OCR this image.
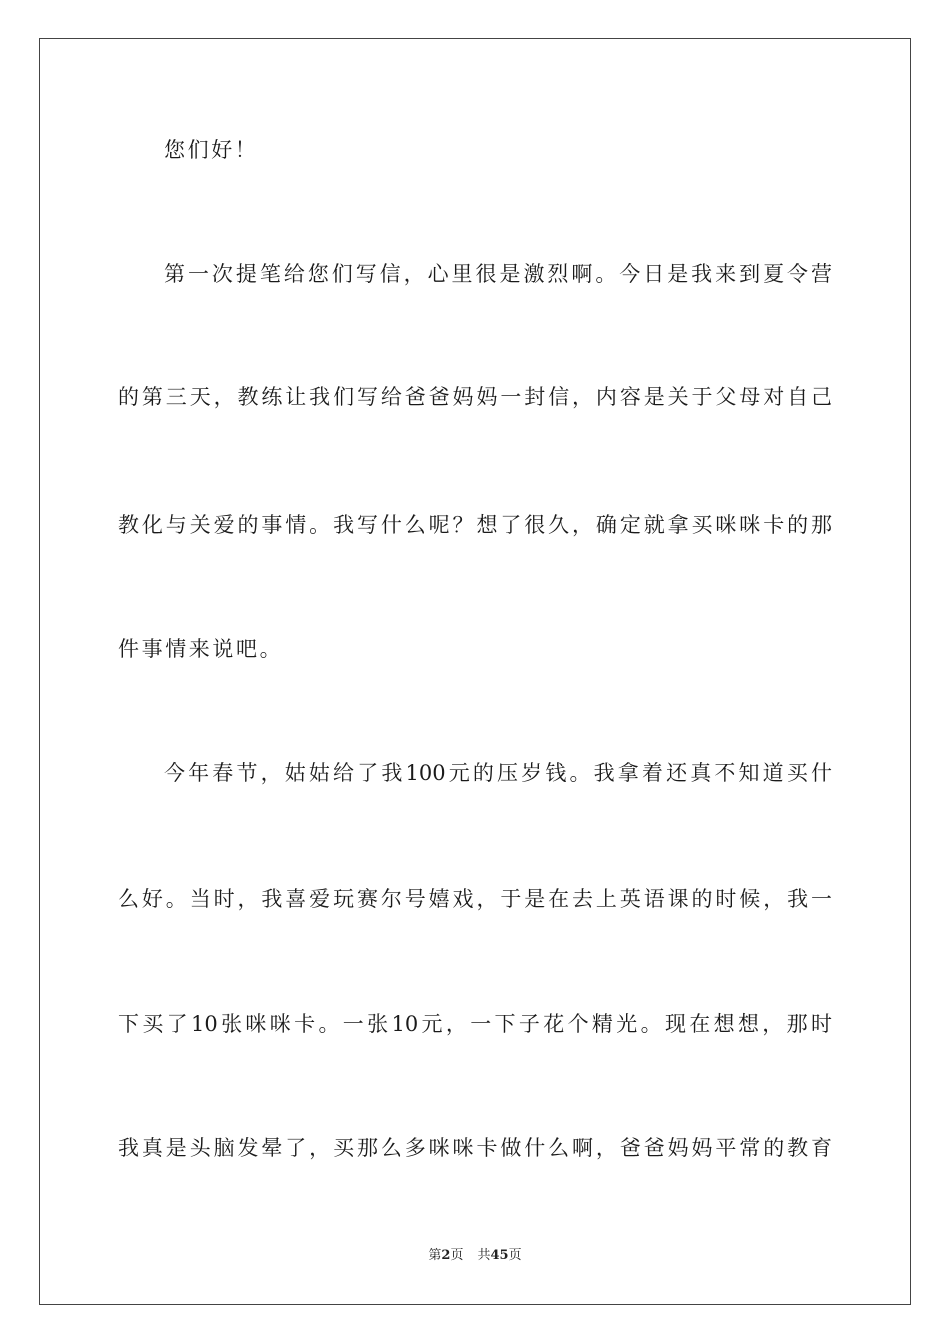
您们好！
第一次提笔给您们写信，心里很是激烈啊。今日是我来到夏令营
的第三天，教练让我们写给爸爸妈妈一封信，内容是关于父母对自己
教化与关爱的事情。我写什么呢？想了很久，确定就拿买咪咪卡的那
件事情来说吧。
今年春节，姑姑给了我100元的压岁钱。我拿着还真不知道买什
么好。当时，我喜爱玩赛尔号嬉戏，于是在去上英语课的时候，我一
下买了10张咪咪卡。一张10元，一下子花个精光。现在想想，那时
我真是头脑发晕了，买那么多咪咪卡做什么啊，爸爸妈妈平常的教育
第2页 共45页
